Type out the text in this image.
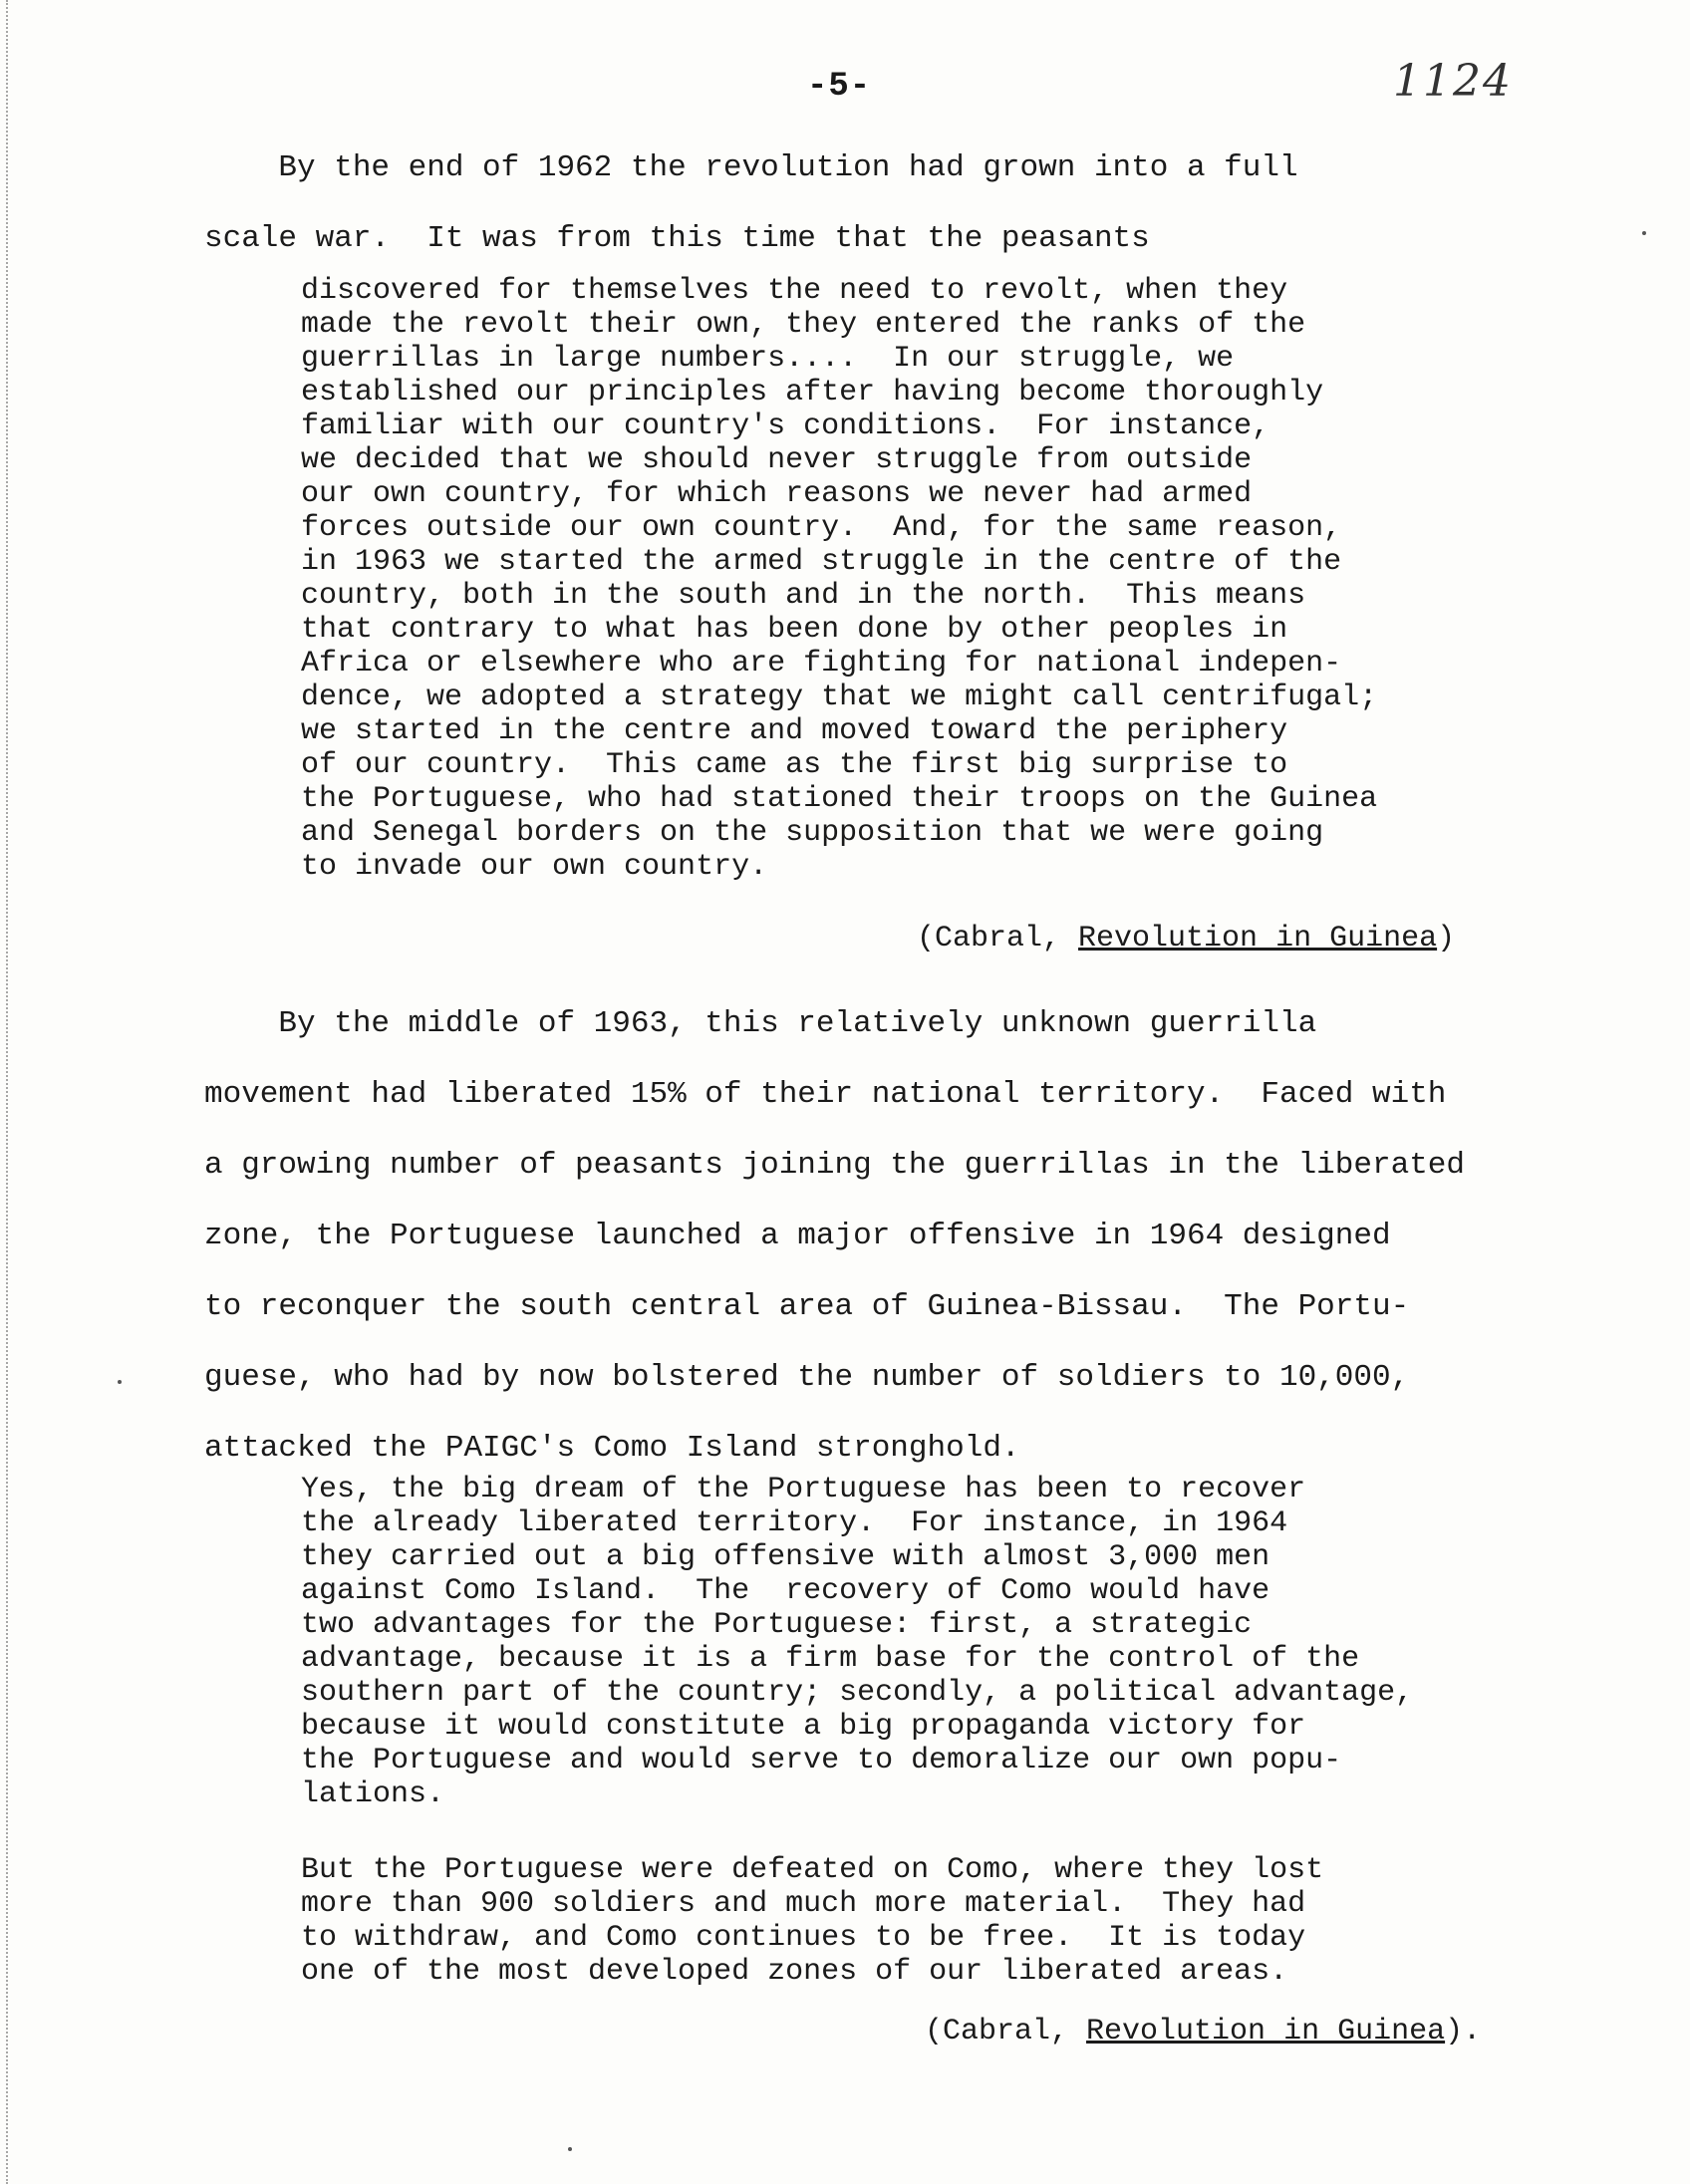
-5-	1124

By the end of 1962 the revolution had grown into a full
scale war.  It was from this time that the peasants

discovered for themselves the need to revolt, when they
made the revolt their own, they entered the ranks of the
guerrillas in large numbers....  In our struggle, we
established our principles after having become thoroughly
familiar with our country's conditions.  For instance,
we decided that we should never struggle from outside
our own country, for which reasons we never had armed
forces outside our own country.  And, for the same reason,
in 1963 we started the armed struggle in the centre of the
country, both in the south and in the north.  This means
that contrary to what has been done by other peoples in
Africa or elsewhere who are fighting for national indepen-
dence, we adopted a strategy that we might call centrifugal;
we started in the centre and moved toward the periphery
of our country.  This came as the first big surprise to
the Portuguese, who had stationed their troops on the Guinea
and Senegal borders on the supposition that we were going
to invade our own country.

(Cabral, Revolution in Guinea)

By the middle of 1963, this relatively unknown guerrilla
movement had liberated 15% of their national territory.  Faced with
a growing number of peasants joining the guerrillas in the liberated
zone, the Portuguese launched a major offensive in 1964 designed
to reconquer the south central area of Guinea-Bissau.  The Portu-
guese, who had by now bolstered the number of soldiers to 10,000,
attacked the PAIGC's Como Island stronghold.

Yes, the big dream of the Portuguese has been to recover
the already liberated territory.  For instance, in 1964
they carried out a big offensive with almost 3,000 men
against Como Island.  The  recovery of Como would have
two advantages for the Portuguese: first, a strategic
advantage, because it is a firm base for the control of the
southern part of the country; secondly, a political advantage,
because it would constitute a big propaganda victory for
the Portuguese and would serve to demoralize our own popu-
lations.

But the Portuguese were defeated on Como, where they lost
more than 900 soldiers and much more material.  They had
to withdraw, and Como continues to be free.  It is today
one of the most developed zones of our liberated areas.

(Cabral, Revolution in Guinea).
